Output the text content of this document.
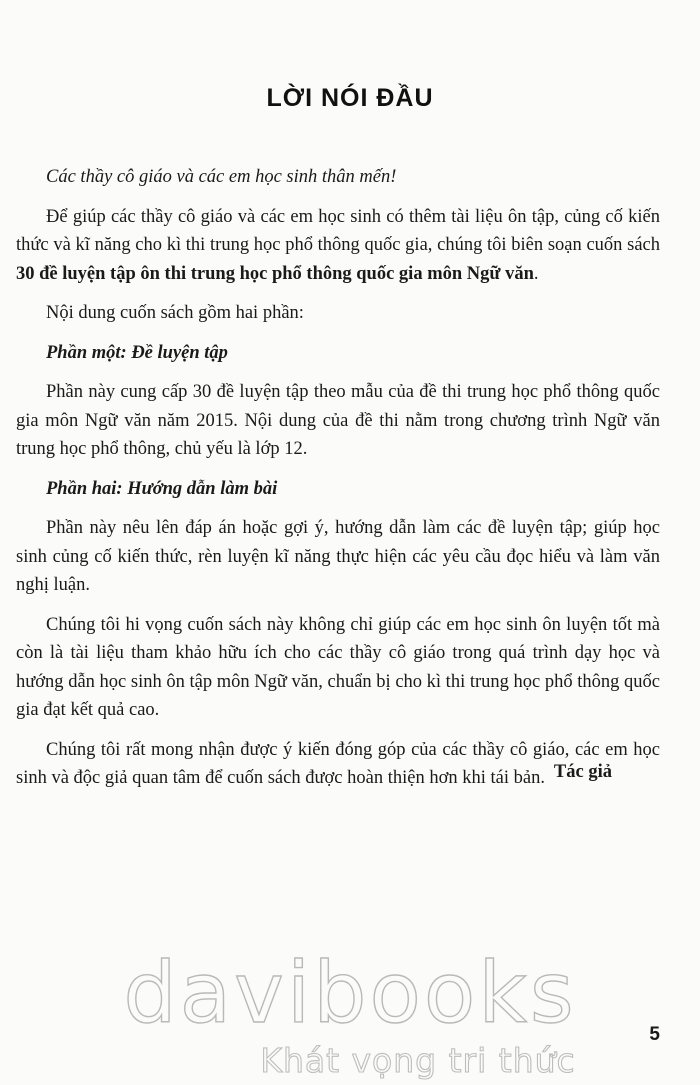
LỜI NÓI ĐẦU

Các thầy cô giáo và các em học sinh thân mến!

Để giúp các thầy cô giáo và các em học sinh có thêm tài liệu ôn tập, củng cố kiến thức và kĩ năng cho kì thi trung học phổ thông quốc gia, chúng tôi biên soạn cuốn sách 30 đề luyện tập ôn thi trung học phổ thông quốc gia môn Ngữ văn.

Nội dung cuốn sách gồm hai phần:

Phần một: Đề luyện tập

Phần này cung cấp 30 đề luyện tập theo mẫu của đề thi trung học phổ thông quốc gia môn Ngữ văn năm 2015. Nội dung của đề thi nằm trong chương trình Ngữ văn trung học phổ thông, chủ yếu là lớp 12.

Phần hai: Hướng dẫn làm bài

Phần này nêu lên đáp án hoặc gợi ý, hướng dẫn làm các đề luyện tập; giúp học sinh củng cố kiến thức, rèn luyện kĩ năng thực hiện các yêu cầu đọc hiểu và làm văn nghị luận.

Chúng tôi hi vọng cuốn sách này không chỉ giúp các em học sinh ôn luyện tốt mà còn là tài liệu tham khảo hữu ích cho các thầy cô giáo trong quá trình dạy học và hướng dẫn học sinh ôn tập môn Ngữ văn, chuẩn bị cho kì thi trung học phổ thông quốc gia đạt kết quả cao.

Chúng tôi rất mong nhận được ý kiến đóng góp của các thầy cô giáo, các em học sinh và độc giả quan tâm để cuốn sách được hoàn thiện hơn khi tái bản. Tác giả
davibooks
Khát vọng tri thức
5
